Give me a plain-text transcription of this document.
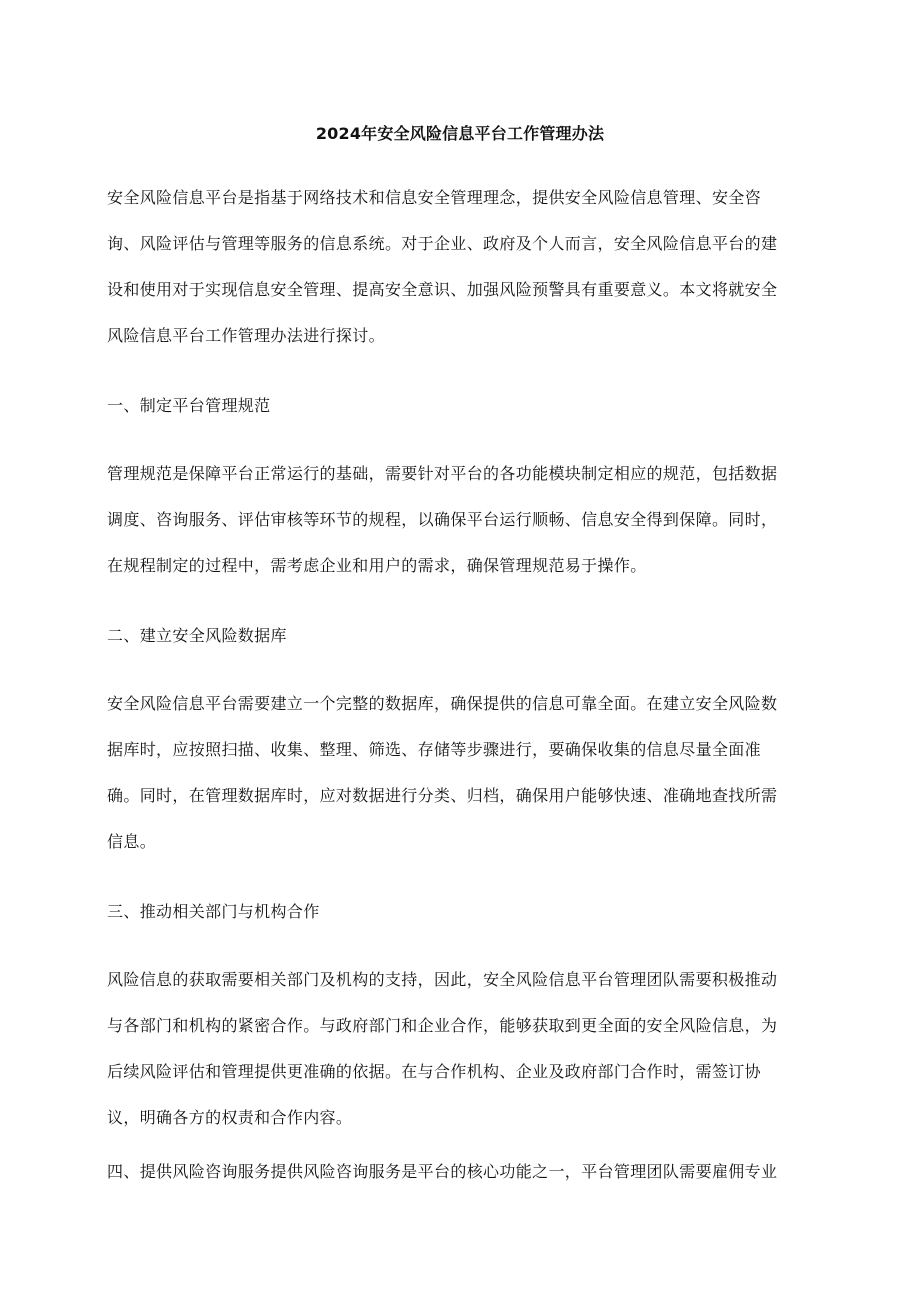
2024年安全风险信息平台工作管理办法
安全风险信息平台是指基于网络技术和信息安全管理理念，提供安全风险信息管理、安全咨
询、风险评估与管理等服务的信息系统。对于企业、政府及个人而言，安全风险信息平台的建
设和使用对于实现信息安全管理、提高安全意识、加强风险预警具有重要意义。本文将就安全
风险信息平台工作管理办法进行探讨。
一、制定平台管理规范
管理规范是保障平台正常运行的基础，需要针对平台的各功能模块制定相应的规范，包括数据
调度、咨询服务、评估审核等环节的规程，以确保平台运行顺畅、信息安全得到保障。同时，
在规程制定的过程中，需考虑企业和用户的需求，确保管理规范易于操作。
二、建立安全风险数据库
安全风险信息平台需要建立一个完整的数据库，确保提供的信息可靠全面。在建立安全风险数
据库时，应按照扫描、收集、整理、筛选、存储等步骤进行，要确保收集的信息尽量全面准
确。同时，在管理数据库时，应对数据进行分类、归档，确保用户能够快速、准确地查找所需
信息。
三、推动相关部门与机构合作
风险信息的获取需要相关部门及机构的支持，因此，安全风险信息平台管理团队需要积极推动
与各部门和机构的紧密合作。与政府部门和企业合作，能够获取到更全面的安全风险信息，为
后续风险评估和管理提供更准确的依据。在与合作机构、企业及政府部门合作时，需签订协
议，明确各方的权责和合作内容。
四、提供风险咨询服务提供风险咨询服务是平台的核心功能之一，平台管理团队需要雇佣专业
